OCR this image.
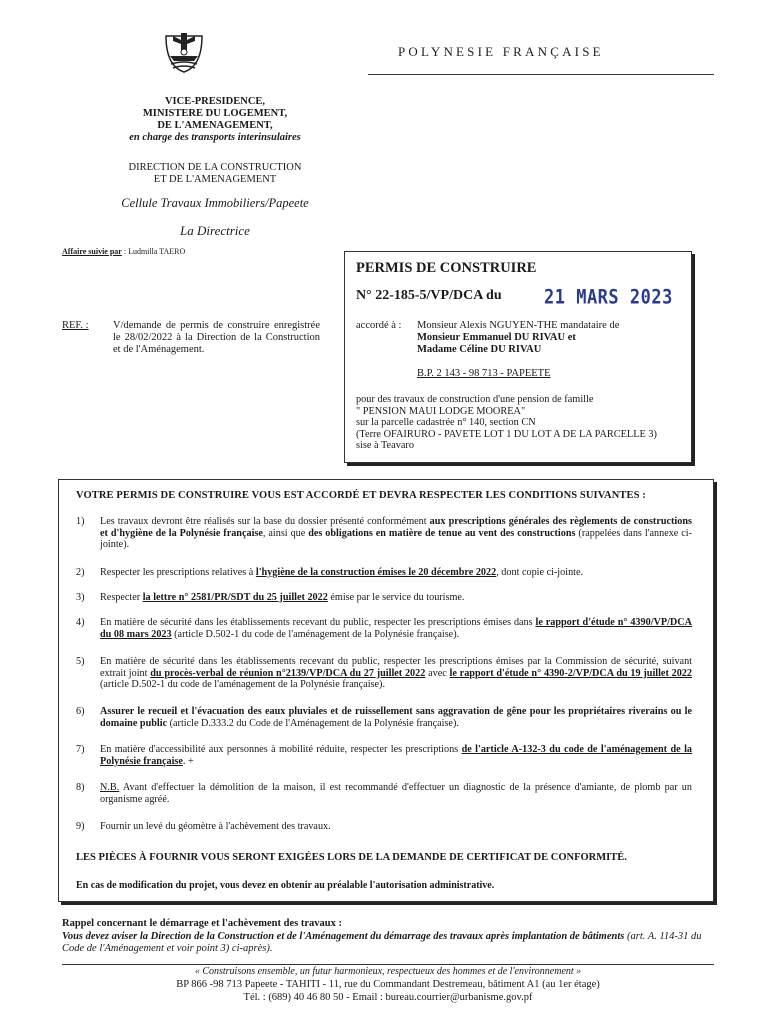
POLYNESIE FRANÇAISE
VICE-PRESIDENCE,
MINISTERE DU LOGEMENT,
DE L'AMENAGEMENT,
en charge des transports interinsulaires
DIRECTION DE LA CONSTRUCTION
ET DE L'AMENAGEMENT
Cellule Travaux Immobiliers/Papeete
La Directrice
Affaire suivie par : Ludmilla TAERO
PERMIS DE CONSTRUIRE
N° 22-185-5/VP/DCA du 21 MARS 2023
accordé à : Monsieur Alexis NGUYEN-THE mandataire de
Monsieur Emmanuel DU RIVAU et
Madame Céline DU RIVAU
B.P. 2 143 - 98 713 - PAPEETE
pour des travaux de construction d'une pension de famille
" PENSION MAUI LODGE MOOREA"
sur la parcelle cadastrée n° 140, section CN
(Terre OFAIRURO - PAVETE LOT 1 DU LOT A DE LA PARCELLE 3)
sise à Teavaro
REF. : V/demande de permis de construire enregistrée le 28/02/2022 à la Direction de la Construction et de l'Aménagement.
VOTRE PERMIS DE CONSTRUIRE VOUS EST ACCORDÉ ET DEVRA RESPECTER LES CONDITIONS SUIVANTES :
1) Les travaux devront être réalisés sur la base du dossier présenté conformément aux prescriptions générales des règlements de constructions et d'hygiène de la Polynésie française, ainsi que des obligations en matière de tenue au vent des constructions (rappelées dans l'annexe ci-jointe).
2) Respecter les prescriptions relatives à l'hygiène de la construction émises le 20 décembre 2022, dont copie ci-jointe.
3) Respecter la lettre n° 2581/PR/SDT du 25 juillet 2022 émise par le service du tourisme.
4) En matière de sécurité dans les établissements recevant du public, respecter les prescriptions émises dans le rapport d'étude n° 4390/VP/DCA du 08 mars 2023 (article D.502-1 du code de l'aménagement de la Polynésie française).
5) En matière de sécurité dans les établissements recevant du public, respecter les prescriptions émises par la Commission de sécurité, suivant extrait joint du procès-verbal de réunion n°2139/VP/DCA du 27 juillet 2022 avec le rapport d'étude n° 4390-2/VP/DCA du 19 juillet 2022 (article D.502-1 du code de l'aménagement de la Polynésie française).
6) Assurer le recueil et l'évacuation des eaux pluviales et de ruissellement sans aggravation de gêne pour les propriétaires riverains ou le domaine public (article D.333.2 du Code de l'Aménagement de la Polynésie française).
7) En matière d'accessibilité aux personnes à mobilité réduite, respecter les prescriptions de l'article A-132-3 du code de l'aménagement de la Polynésie française. +
8) N.B. Avant d'effectuer la démolition de la maison, il est recommandé d'effectuer un diagnostic de la présence d'amiante, de plomb par un organisme agréé.
9) Fournir un levé du géomètre à l'achèvement des travaux.
LES PIÈCES À FOURNIR VOUS SERONT EXIGÉES LORS DE LA DEMANDE DE CERTIFICAT DE CONFORMITÉ.
En cas de modification du projet, vous devez en obtenir au préalable l'autorisation administrative.
Rappel concernant le démarrage et l'achèvement des travaux :
Vous devez aviser la Direction de la Construction et de l'Aménagement du démarrage des travaux après implantation de bâtiments (art. A. 114-31 du Code de l'Aménagement et voir point 3) ci-après).
« Construisons ensemble, un futur harmonieux, respectueux des hommes et de l'environnement »
BP 866 -98 713 Papeete - TAHITI - 11, rue du Commandant Destremeau, bâtiment A1 (au 1er étage)
Tél. : (689) 40 46 80 50 - Email : bureau.courrier@urbanisme.gov.pf
